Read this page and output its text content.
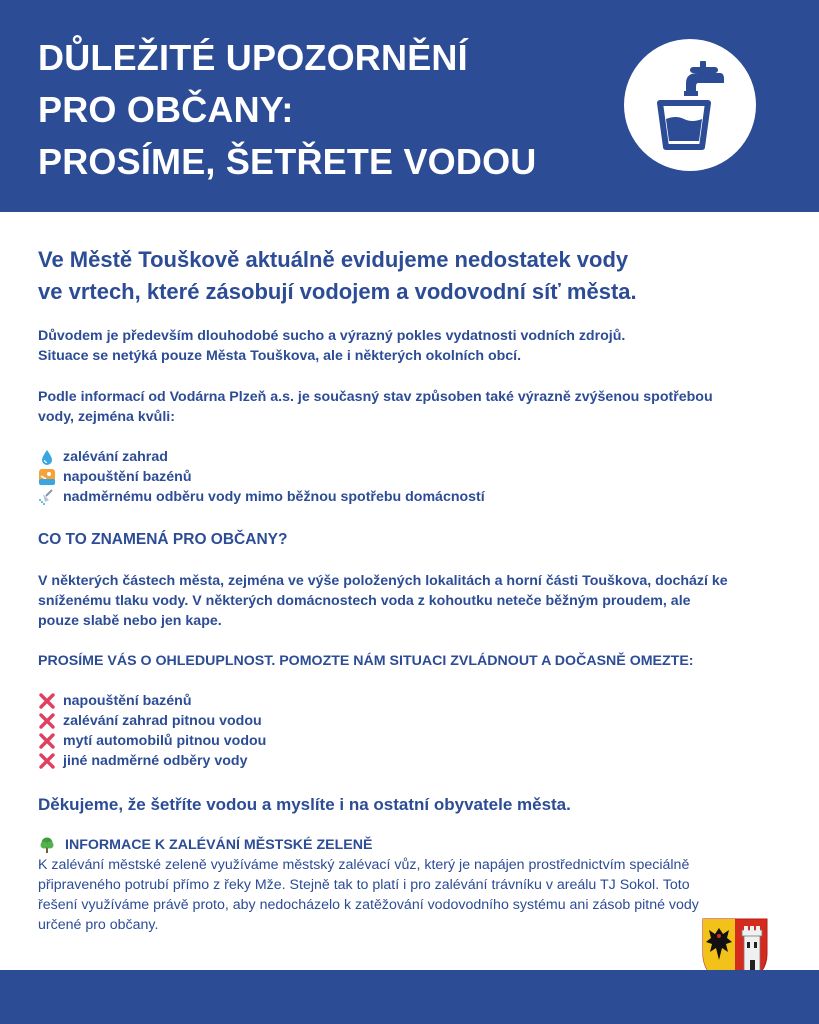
DŮLEŽITÉ UPOZORNĚNÍ
PRO OBČANY:
PROSÍME, ŠETŘETE VODOU

Ve Městě Touškově aktuálně evidujeme nedostatek vody
ve vrtech, které zásobují vodojem a vodovodní síť města.

Důvodem je především dlouhodobé sucho a výrazný pokles vydatnosti vodních zdrojů.
Situace se netýká pouze Města Touškova, ale i některých okolních obcí.

Podle informací od Vodárna Plzeň a.s. je současný stav způsoben také výrazně zvýšenou spotřebou
vody, zejména kvůli:

zalévání zahrad
napouštění bazénů
nadměrnému odběru vody mimo běžnou spotřebu domácností
CO TO ZNAMENÁ PRO OBČANY?

V některých částech města, zejména ve výše položených lokalitách a horní části Touškova, dochází ke
sníženému tlaku vody. V některých domácnostech voda z kohoutku neteče běžným proudem, ale
pouze slabě nebo jen kape.

PROSÍME VÁS O OHLEDUPLNOST. POMOZTE NÁM SITUACI ZVLÁDNOUT A DOČASNĚ OMEZTE:

napouštění bazénů
zalévání zahrad pitnou vodou
mytí automobilů pitnou vodou
jiné nadměrné odběry vody

Děkujeme, že šetříte vodou a myslíte i na ostatní obyvatele města.

INFORMACE K ZALÉVÁNÍ MĚSTSKÉ ZELENĚ

K zalévání městské zeleně využíváme městský zalévací vůz, který je napájen prostřednictvím speciálně
připraveného potrubí přímo z řeky Mže. Stejně tak to platí i pro zalévání trávníku v areálu TJ Sokol. Toto
řešení využíváme právě proto, aby nedocházelo k zatěžování vodovodního systému ani zásob pitné vody
určené pro občany.
